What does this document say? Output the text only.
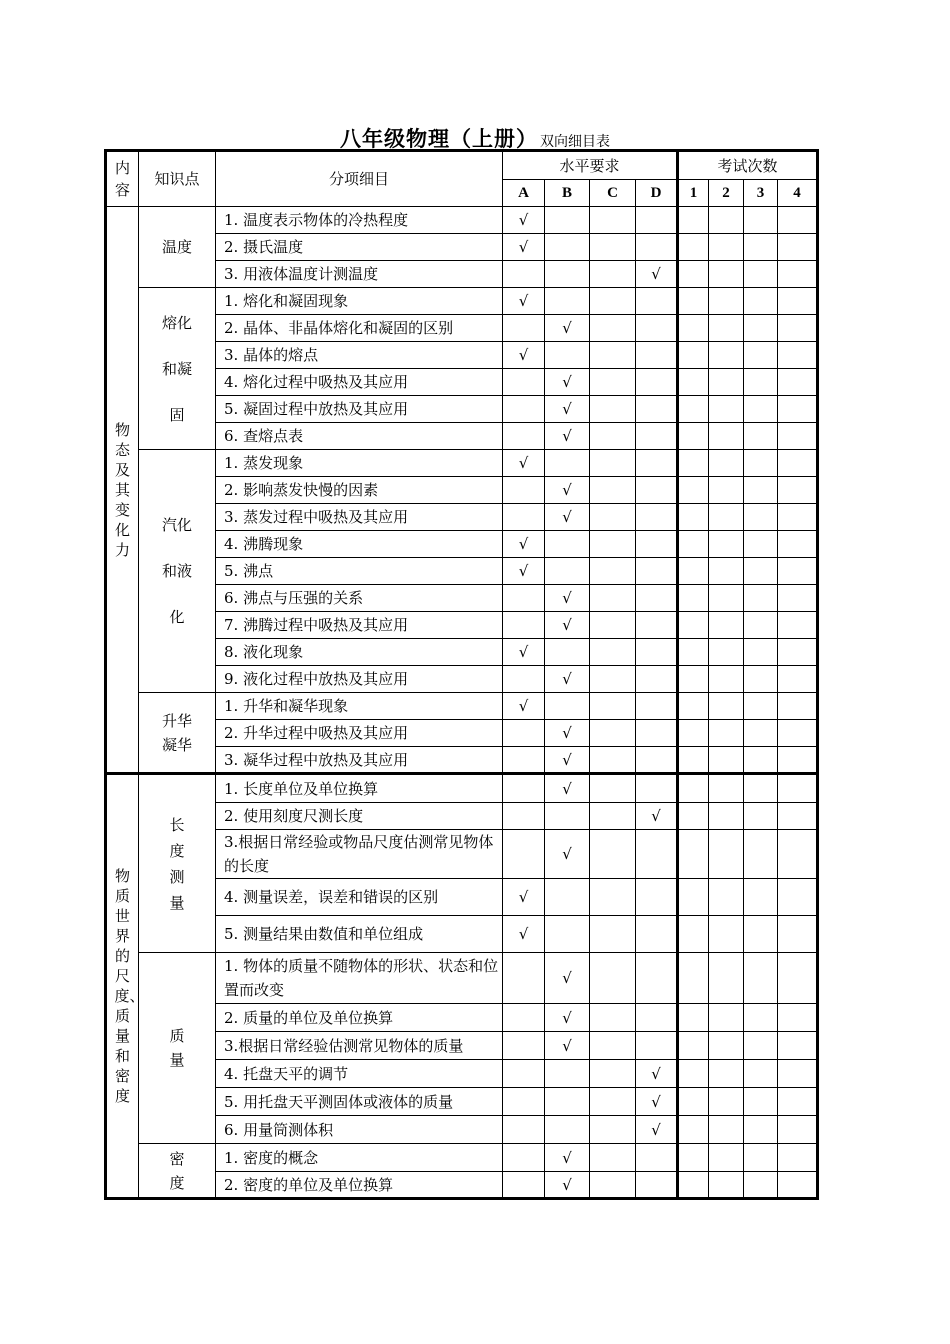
八年级物理（上册） 双向细目表
内容	知识点	分项细目	水平要求				考试次数			
			A	B	C	D	1	2	3	4
物态及其变化力	温度	1. 温度表示物体的冷热程度	√							
		2. 摄氏温度	√							
		3. 用液体温度计测温度				√				
	熔化和凝固	1. 熔化和凝固现象	√							
		2. 晶体、非晶体熔化和凝固的区别		√						
		3. 晶体的熔点	√							
		4. 熔化过程中吸热及其应用		√						
		5. 凝固过程中放热及其应用		√						
		6. 查熔点表		√						
	汽化和液化	1. 蒸发现象	√							
		2. 影响蒸发快慢的因素		√						
		3. 蒸发过程中吸热及其应用		√						
		4. 沸腾现象	√							
		5. 沸点	√							
		6. 沸点与压强的关系		√						
		7. 沸腾过程中吸热及其应用		√						
		8. 液化现象	√							
		9. 液化过程中放热及其应用		√						
	升华凝华	1. 升华和凝华现象	√							
		2. 升华过程中吸热及其应用		√						
		3. 凝华过程中放热及其应用		√						
物质世界的尺度、质量和密度	长度测量	1. 长度单位及单位换算		√						
		2. 使用刻度尺测长度				√				
		3.根据日常经验或物品尺度估测常见物体的长度		√						
		4. 测量误差，误差和错误的区别	√							
		5. 测量结果由数值和单位组成	√							
	质量	1. 物体的质量不随物体的形状、状态和位置而改变		√						
		2. 质量的单位及单位换算		√						
		3.根据日常经验估测常见物体的质量		√						
		4. 托盘天平的调节				√				
		5. 用托盘天平测固体或液体的质量				√				
		6. 用量筒测体积				√				
	密度	1. 密度的概念		√						
		2. 密度的单位及单位换算		√						
